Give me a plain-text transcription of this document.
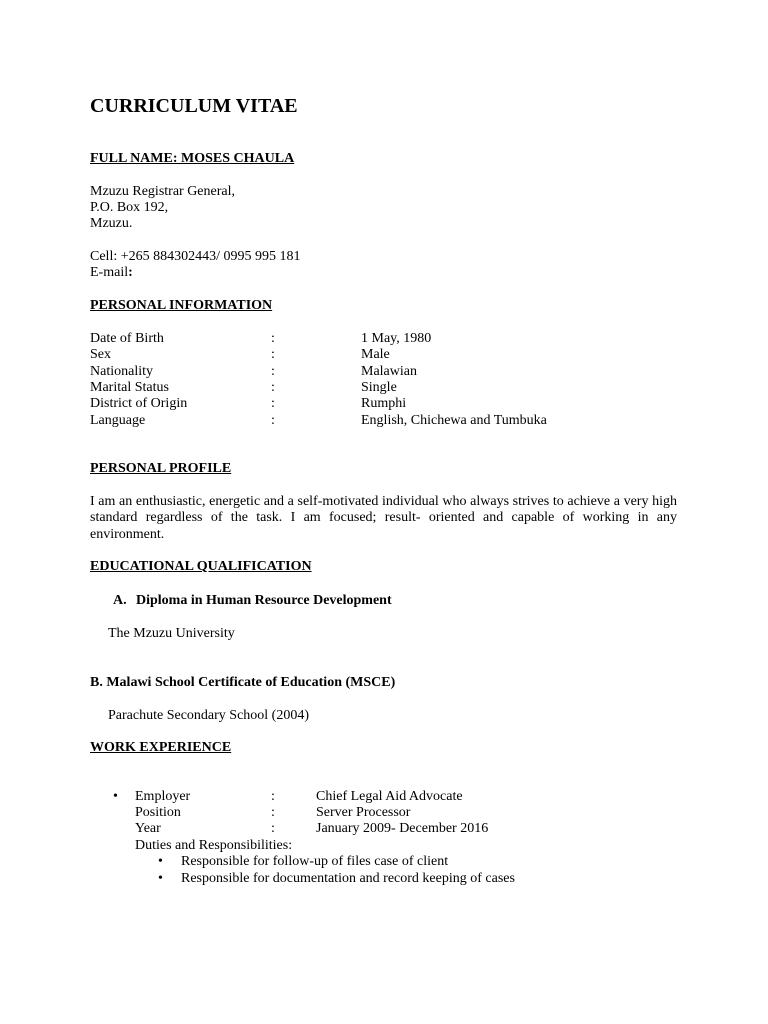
CURRICULUM VITAE
FULL NAME: MOSES CHAULA
Mzuzu Registrar General,
P.O. Box 192,
Mzuzu.
Cell: +265 884302443/ 0995 995 181
E-mail:
PERSONAL INFORMATION
Date of Birth	:	1 May, 1980
Sex	:	Male
Nationality	:	Malawian
Marital Status	:	Single
District of Origin	:	Rumphi
Language	:	English, Chichewa and Tumbuka
PERSONAL PROFILE
I am an enthusiastic, energetic and a self-motivated individual who always strives to achieve a very high standard regardless of the task. I am focused; result- oriented and capable of working in any environment.
EDUCATIONAL QUALIFICATION
A. Diploma in Human Resource Development
The Mzuzu University
B. Malawi School Certificate of Education (MSCE)
Parachute Secondary School (2004)
WORK EXPERIENCE
• Employer	:	Chief Legal Aid Advocate
Position	:	Server Processor
Year	:	January 2009- December 2016
Duties and Responsibilities:
• Responsible for follow-up of files case of client
• Responsible for documentation and record keeping of cases
